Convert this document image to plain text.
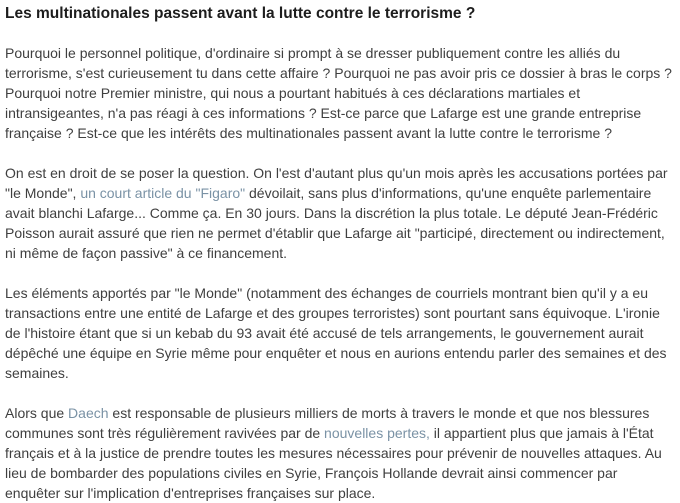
Les multinationales passent avant la lutte contre le terrorisme ?

Pourquoi le personnel politique, d'ordinaire si prompt à se dresser publiquement contre les alliés du terrorisme, s'est curieusement tu dans cette affaire ? Pourquoi ne pas avoir pris ce dossier à bras le corps ? Pourquoi notre Premier ministre, qui nous a pourtant habitués à ces déclarations martiales et intransigeantes, n'a pas réagi à ces informations ? Est-ce parce que Lafarge est une grande entreprise française ? Est-ce que les intérêts des multinationales passent avant la lutte contre le terrorisme ?

On est en droit de se poser la question. On l'est d'autant plus qu'un mois après les accusations portées par "le Monde", un court article du "Figaro" dévoilait, sans plus d'informations, qu'une enquête parlementaire avait blanchi Lafarge... Comme ça. En 30 jours. Dans la discrétion la plus totale. Le député Jean-Frédéric Poisson aurait assuré que rien ne permet d'établir que Lafarge ait "participé, directement ou indirectement, ni même de façon passive" à ce financement.

Les éléments apportés par "le Monde" (notamment des échanges de courriels montrant bien qu'il y a eu transactions entre une entité de Lafarge et des groupes terroristes) sont pourtant sans équivoque. L'ironie de l'histoire étant que si un kebab du 93 avait été accusé de tels arrangements, le gouvernement aurait dépêché une équipe en Syrie même pour enquêter et nous en aurions entendu parler des semaines et des semaines.

Alors que Daech est responsable de plusieurs milliers de morts à travers le monde et que nos blessures communes sont très régulièrement ravivées par de nouvelles pertes, il appartient plus que jamais à l'État français et à la justice de prendre toutes les mesures nécessaires pour prévenir de nouvelles attaques. Au lieu de bombarder des populations civiles en Syrie, François Hollande devrait ainsi commencer par enquêter sur l'implication d'entreprises françaises sur place.
